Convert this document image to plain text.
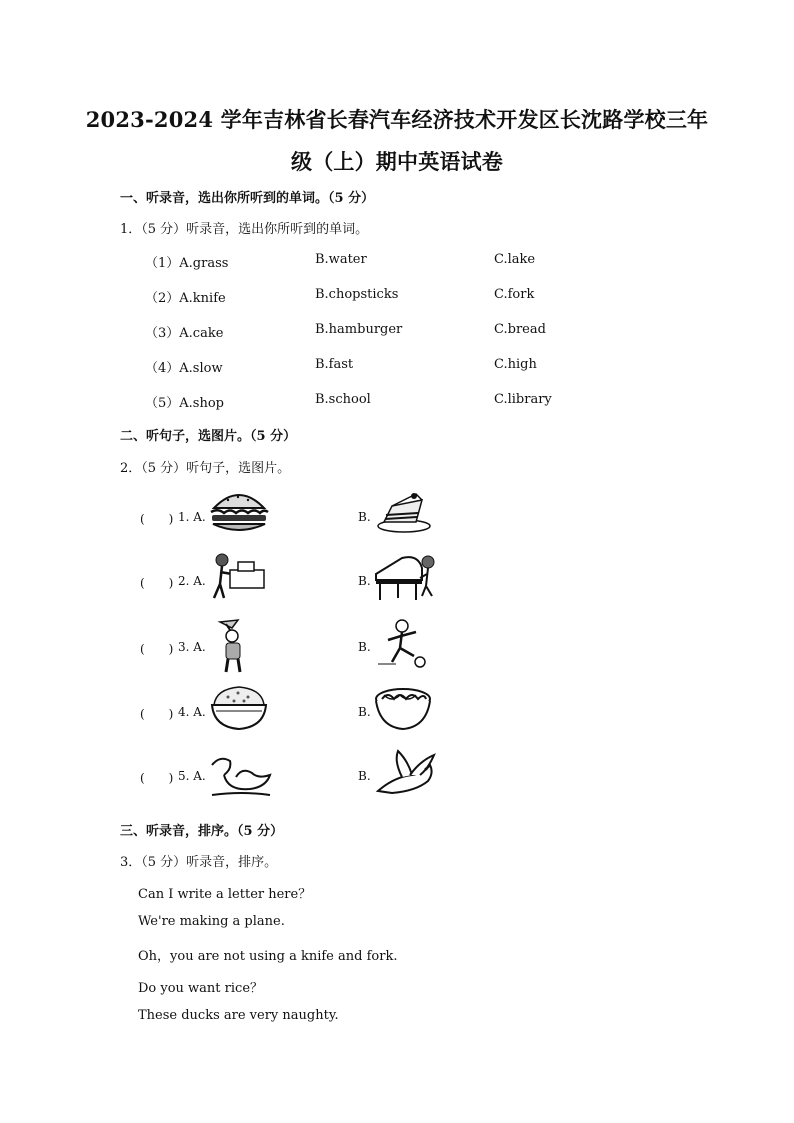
2023-2024 学年吉林省长春汽车经济技术开发区长沈路学校三年
级（上）期中英语试卷
一、听录音，选出你所听到的单词。（5 分）
1．（5 分）听录音，选出你所听到的单词。
（1）A.grass	B.water	C.lake
（2）A.knife	B.chopsticks	C.fork
（3）A.cake	B.hamburger	C.bread
（4）A.slow	B.fast	C.high
（5）A.shop	B.school	C.library
二、听句子，选图片。（5 分）
2．（5 分）听句子，选图片。
(　　) 1. A.	B.
(　　) 2. A.	B.
(　　) 3. A.	B.
(　　) 4. A.	B.
(　　) 5. A.	B.
三、听录音，排序。（5 分）
3．（5 分）听录音，排序。
Can I write a letter here？
We're making a plane.
Oh，you are not using a knife and fork.
Do you want rice？
These ducks are very naughty.
